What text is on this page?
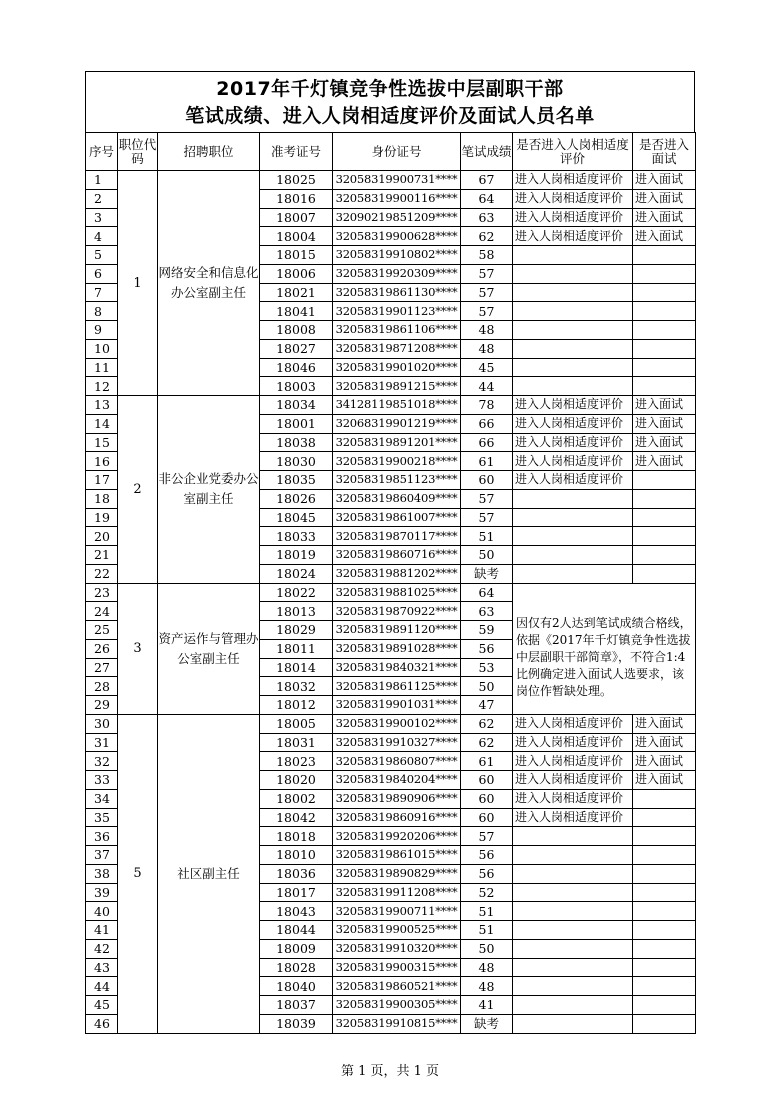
2017年千灯镇竞争性选拔中层副职干部
笔试成绩、进入人岗相适度评价及面试人员名单
序号	职位代码	招聘职位	准考证号	身份证号	笔试成绩	是否进入人岗相适度评价	是否进入面试
1	1	网络安全和信息化办公室副主任	18025	32058319900731****	67	进入人岗相适度评价	进入面试
2			18016	32058319900116****	64	进入人岗相适度评价	进入面试
3			18007	32090219851209****	63	进入人岗相适度评价	进入面试
4			18004	32058319900628****	62	进入人岗相适度评价	进入面试
5			18015	32058319910802****	58		
6			18006	32058319920309****	57		
7			18021	32058319861130****	57		
8			18041	32058319901123****	57		
9			18008	32058319861106****	48		
10			18027	32058319871208****	48		
11			18046	32058319901020****	45		
12			18003	32058319891215****	44		
13	2	非公企业党委办公室副主任	18034	34128119851018****	78	进入人岗相适度评价	进入面试
14			18001	32068319901219****	66	进入人岗相适度评价	进入面试
15			18038	32058319891201****	66	进入人岗相适度评价	进入面试
16			18030	32058319900218****	61	进入人岗相适度评价	进入面试
17			18035	32058319851123****	60	进入人岗相适度评价	
18			18026	32058319860409****	57		
19			18045	32058319861007****	57		
20			18033	32058319870117****	51		
21			18019	32058319860716****	50		
22			18024	32058319881202****	缺考		
23	3	资产运作与管理办公室副主任	18022	32058319881025****	64		
24			18013	32058319870922****	63	因仅有2人达到笔试成绩合格线，依据《2017年千灯镇竞争性选拔中层副职干部简章》，不符合1:4比例确定进入面试人选要求，该岗位作暂缺处理。	
25			18029	32058319891120****	59		
26			18011	32058319891028****	56		
27			18014	32058319840321****	53		
28			18032	32058319861125****	50		
29			18012	32058319901031****	47		
30	5	社区副主任	18005	32058319900102****	62	进入人岗相适度评价	进入面试
31			18031	32058319910327****	62	进入人岗相适度评价	进入面试
32			18023	32058319860807****	61	进入人岗相适度评价	进入面试
33			18020	32058319840204****	60	进入人岗相适度评价	进入面试
34			18002	32058319890906****	60	进入人岗相适度评价	
35			18042	32058319860916****	60	进入人岗相适度评价	
36			18018	32058319920206****	57		
37			18010	32058319861015****	56		
38			18036	32058319890829****	56		
39			18017	32058319911208****	52		
40			18043	32058319900711****	51		
41			18044	32058319900525****	51		
42			18009	32058319910320****	50		
43			18028	32058319900315****	48		
44			18040	32058319860521****	48		
45			18037	32058319900305****	41		
46			18039	32058319910815****	缺考		
第 1 页，共 1 页
